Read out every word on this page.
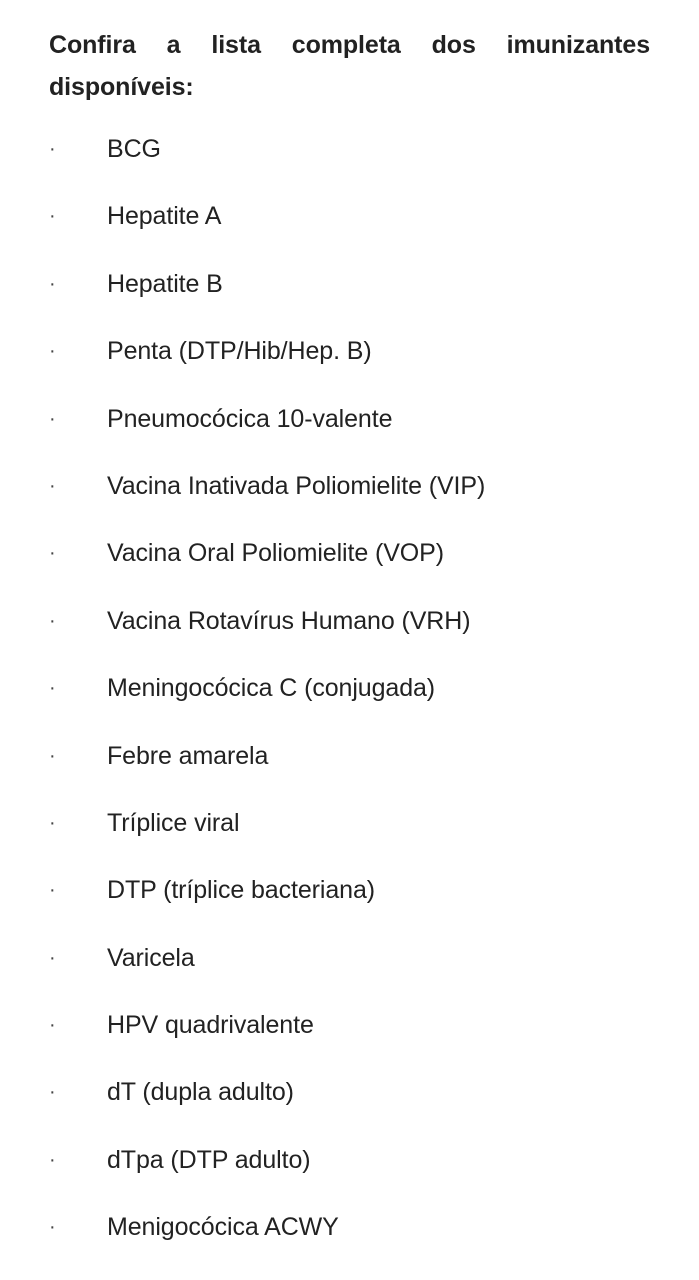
Confira a lista completa dos imunizantes disponíveis:

· BCG
· Hepatite A
· Hepatite B
· Penta (DTP/Hib/Hep. B)
· Pneumocócica 10-valente
· Vacina Inativada Poliomielite (VIP)
· Vacina Oral Poliomielite (VOP)
· Vacina Rotavírus Humano (VRH)
· Meningocócica C (conjugada)
· Febre amarela
· Tríplice viral
· DTP (tríplice bacteriana)
· Varicela
· HPV quadrivalente
· dT (dupla adulto)
· dTpa (DTP adulto)
· Menigocócica ACWY
